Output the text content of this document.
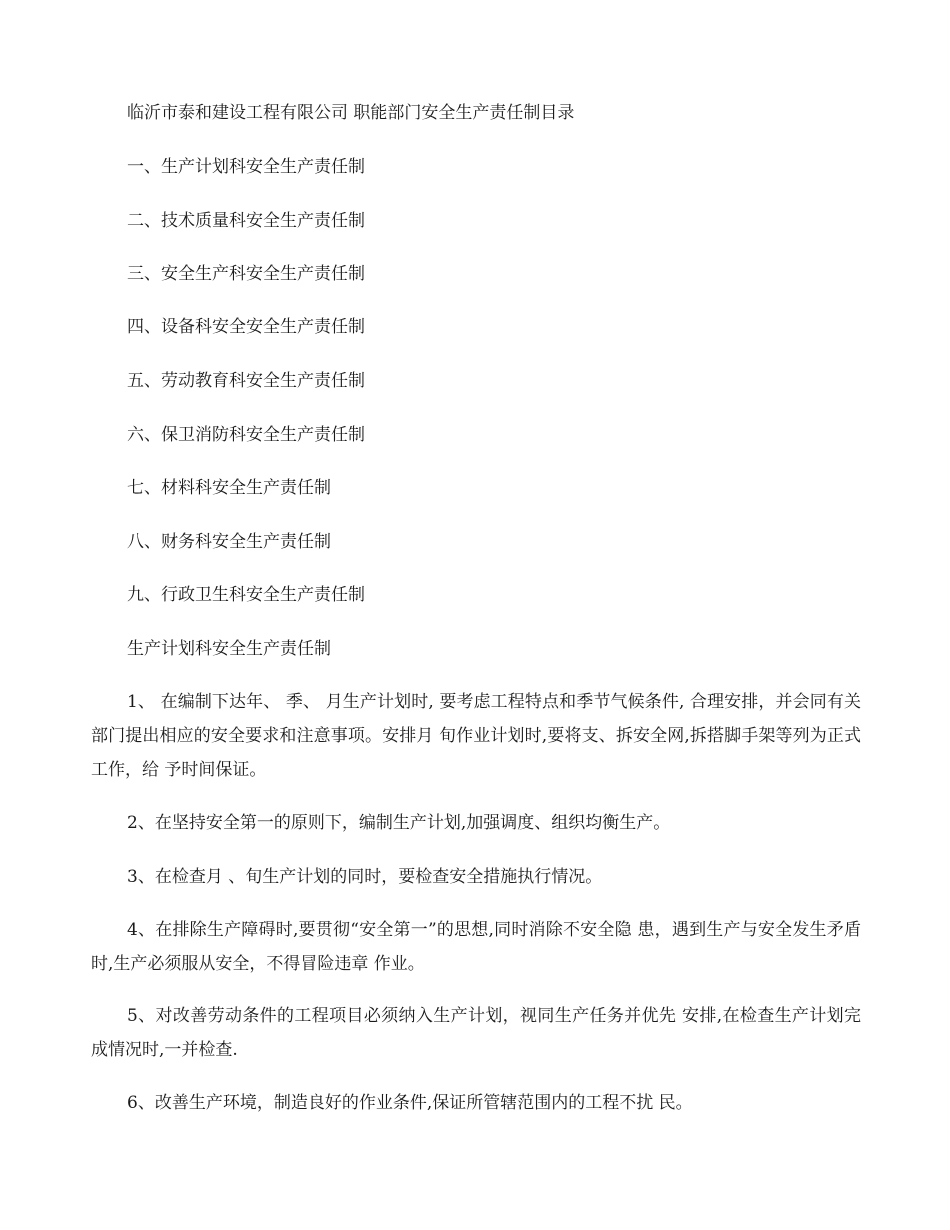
临沂市泰和建设工程有限公司 职能部门安全生产责任制目录
一、生产计划科安全生产责任制
二、技术质量科安全生产责任制
三、安全生产科安全生产责任制
四、设备科安全安全生产责任制
五、劳动教育科安全生产责任制
六、保卫消防科安全生产责任制
七、材料科安全生产责任制
八、财务科安全生产责任制
九、行政卫生科安全生产责任制
生产计划科安全生产责任制
1、 在编制下达年、 季、 月生产计划时, 要考虑工程特点和季节气候条件, 合理安排，并会同有关部门提出相应的安全要求和注意事项。安排月 旬作业计划时,要将支、拆安全网,拆搭脚手架等列为正式工作，给 予时间保证。
2、在坚持安全第一的原则下，编制生产计划,加强调度、组织均衡生产。
3、在检查月 、旬生产计划的同时，要检查安全措施执行情况。
4、在排除生产障碍时,要贯彻“安全第一”的思想,同时消除不安全隐 患，遇到生产与安全发生矛盾时,生产必须服从安全，不得冒险违章 作业。
5、对改善劳动条件的工程项目必须纳入生产计划，视同生产任务并优先 安排,在检查生产计划完成情况时,一并检查.
6、改善生产环境，制造良好的作业条件,保证所管辖范围内的工程不扰 民。
